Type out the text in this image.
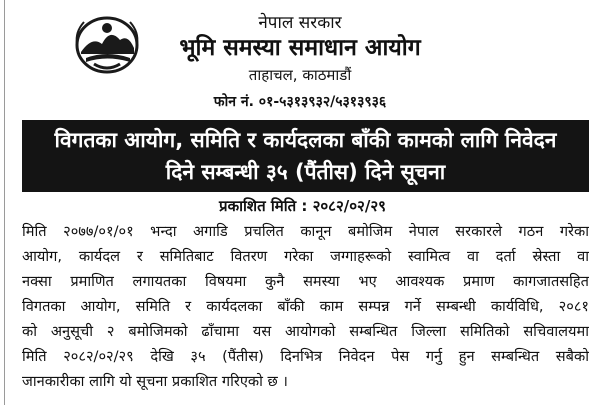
नेपाल सरकार
भूमि समस्या समाधान आयोग
ताहाचल, काठमाडौं
फोन नं. ०१-५३१३९३२/५३१३९३६
विगतका आयोग, समिति र कार्यदलका बाँकी कामको लागि निवेदन
दिने सम्बन्धी ३५ (पैंतीस) दिने सूचना
प्रकाशित मिति : २०८२/०२/२९
मिति २०७७/०१/०१ भन्दा अगाडि प्रचलित कानून बमोजिम नेपाल सरकारले गठन गरेका
आयोग, कार्यदल र समितिबाट वितरण गरेका जग्गाहरूको स्वामित्व वा दर्ता स्रेस्ता वा
नक्सा प्रमाणित लगायतका विषयमा कुनै समस्या भए आवश्यक प्रमाण कागजातसहित
विगतका आयोग, समिति र कार्यदलका बाँकी काम सम्पन्न गर्ने सम्बन्धी कार्यविधि, २०८१
को अनुसूची २ बमोजिमको ढाँचामा यस आयोगको सम्बन्धित जिल्ला समितिको सचिवालयमा
मिति २०८२/०२/२९ देखि ३५ (पैंतीस) दिनभित्र निवेदन पेस गर्नु हुन सम्बन्धित सबैको
जानकारीका लागि यो सूचना प्रकाशित गरिएको छ ।
